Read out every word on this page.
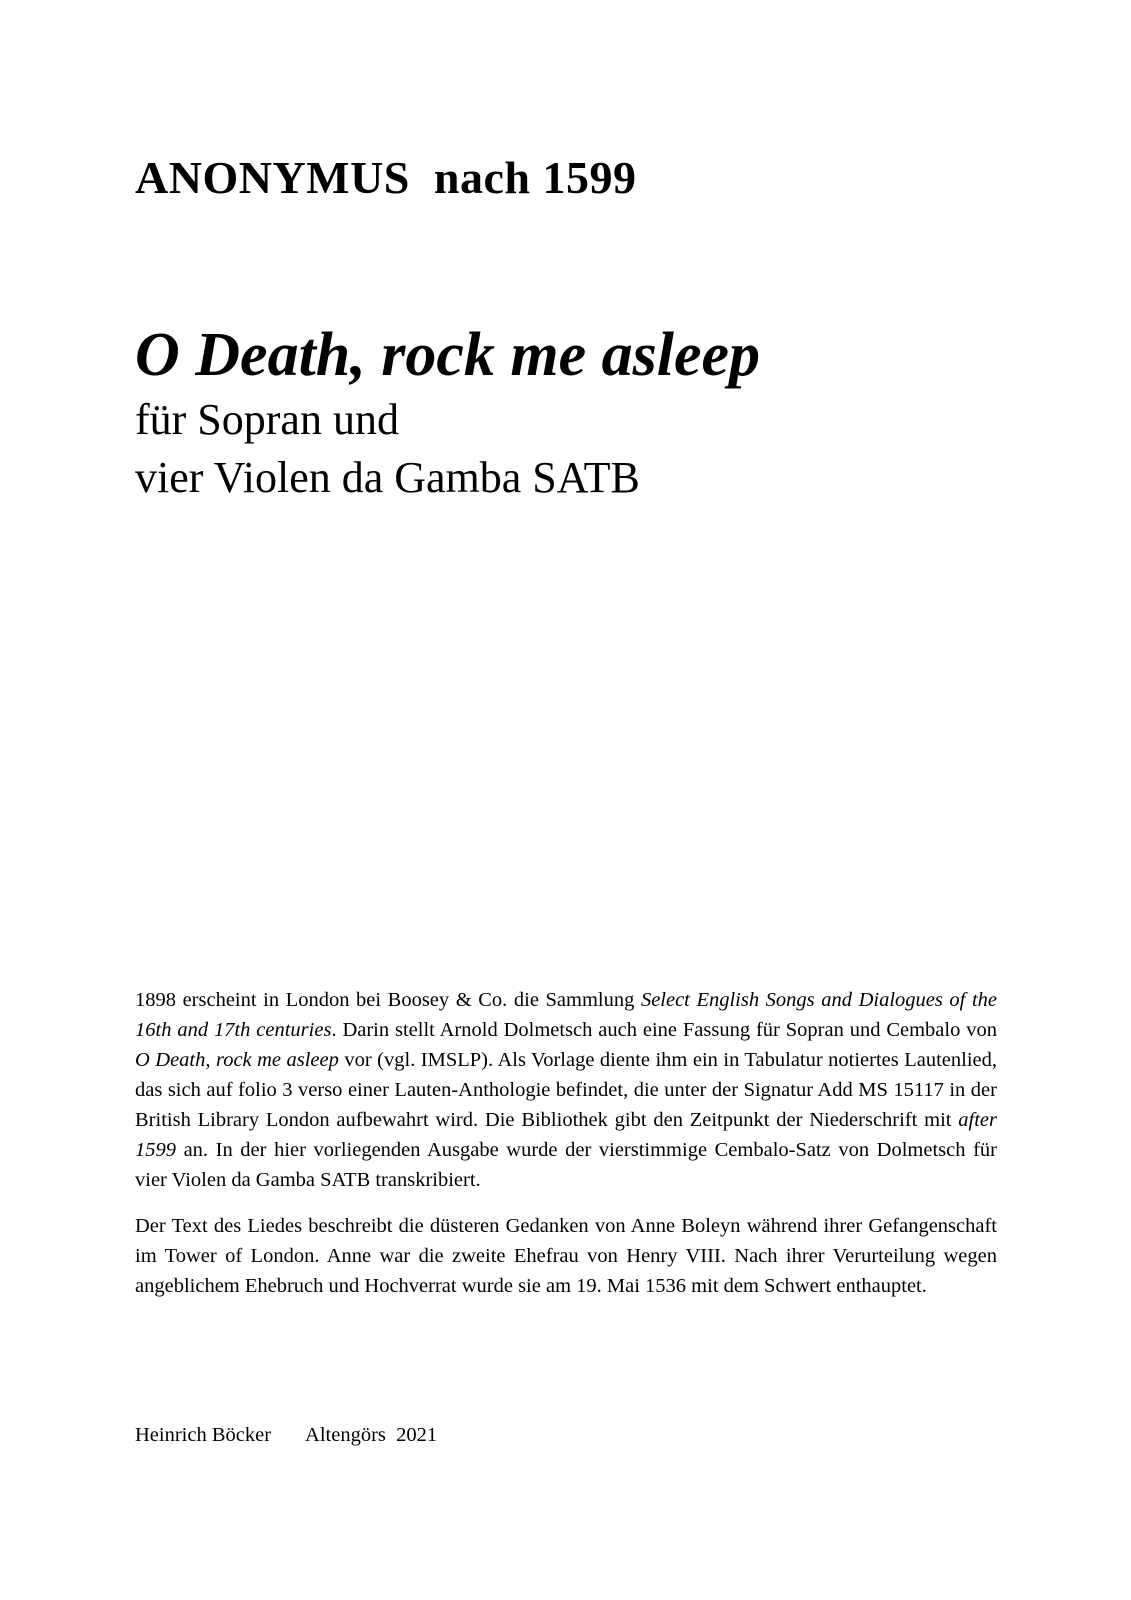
ANONYMUS  nach 1599
O Death, rock me asleep
für Sopran und
vier Violen da Gamba SATB

1898 erscheint in London bei Boosey & Co. die Sammlung Select English Songs and Dialogues of the 16th and 17th centuries. Darin stellt Arnold Dolmetsch auch eine Fassung für Sopran und Cembalo von O Death, rock me asleep vor (vgl. IMSLP). Als Vorlage diente ihm ein in Tabulatur notiertes Lautenlied, das sich auf folio 3 verso einer Lauten-Anthologie befindet, die unter der Signatur Add MS 15117 in der British Library London aufbewahrt wird. Die Bibliothek gibt den Zeitpunkt der Niederschrift mit after 1599 an. In der hier vorliegenden Ausgabe wurde der vierstimmige Cembalo-Satz von Dolmetsch für vier Violen da Gamba SATB transkribiert.

Der Text des Liedes beschreibt die düsteren Gedanken von Anne Boleyn während ihrer Gefangenschaft im Tower of London. Anne war die zweite Ehefrau von Henry VIII. Nach ihrer Verurteilung wegen angeblichem Ehebruch und Hochverrat wurde sie am 19. Mai 1536 mit dem Schwert enthauptet.

Heinrich Böcker Altengörs  2021
